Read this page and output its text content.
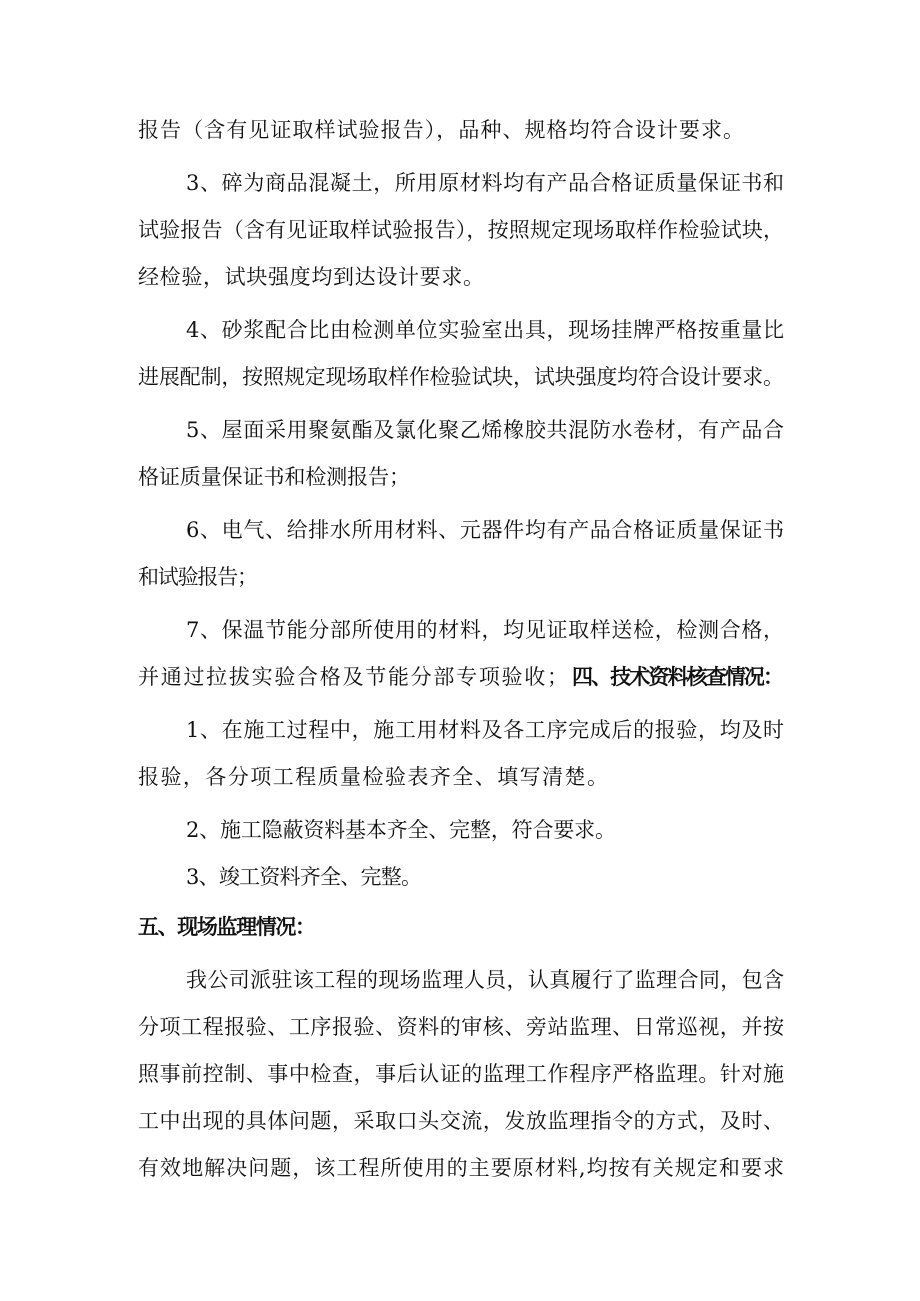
报告（含有见证取样试验报告），品种、规格均符合设计要求。
3、碎为商品混凝土，所用原材料均有产品合格证质量保证书和
试验报告（含有见证取样试验报告），按照规定现场取样作检验试块，
经检验，试块强度均到达设计要求。
4、砂浆配合比由检测单位实验室出具，现场挂牌严格按重量比
进展配制，按照规定现场取样作检验试块，试块强度均符合设计要求。
5、屋面采用聚氨酯及氯化聚乙烯橡胶共混防水卷材，有产品合
格证质量保证书和检测报告；
6、电气、给排水所用材料、元器件均有产品合格证质量保证书
和试验报告；
7、保温节能分部所使用的材料，均见证取样送检，检测合格，
并通过拉拔实验合格及节能分部专项验收； 四、技术资料核查情况：
1、在施工过程中，施工用材料及各工序完成后的报验，均及时
报验，各分项工程质量检验表齐全、填写清楚。
2、施工隐蔽资料基本齐全、完整，符合要求。
3、竣工资料齐全、完整。
五、现场监理情况：
我公司派驻该工程的现场监理人员，认真履行了监理合同，包含
分项工程报验、工序报验、资料的审核、旁站监理、日常巡视，并按
照事前控制、事中检查，事后认证的监理工作程序严格监理。针对施
工中出现的具体问题，采取口头交流，发放监理指令的方式，及时、
有效地解决问题，该工程所使用的主要原材料,均按有关规定和要求
